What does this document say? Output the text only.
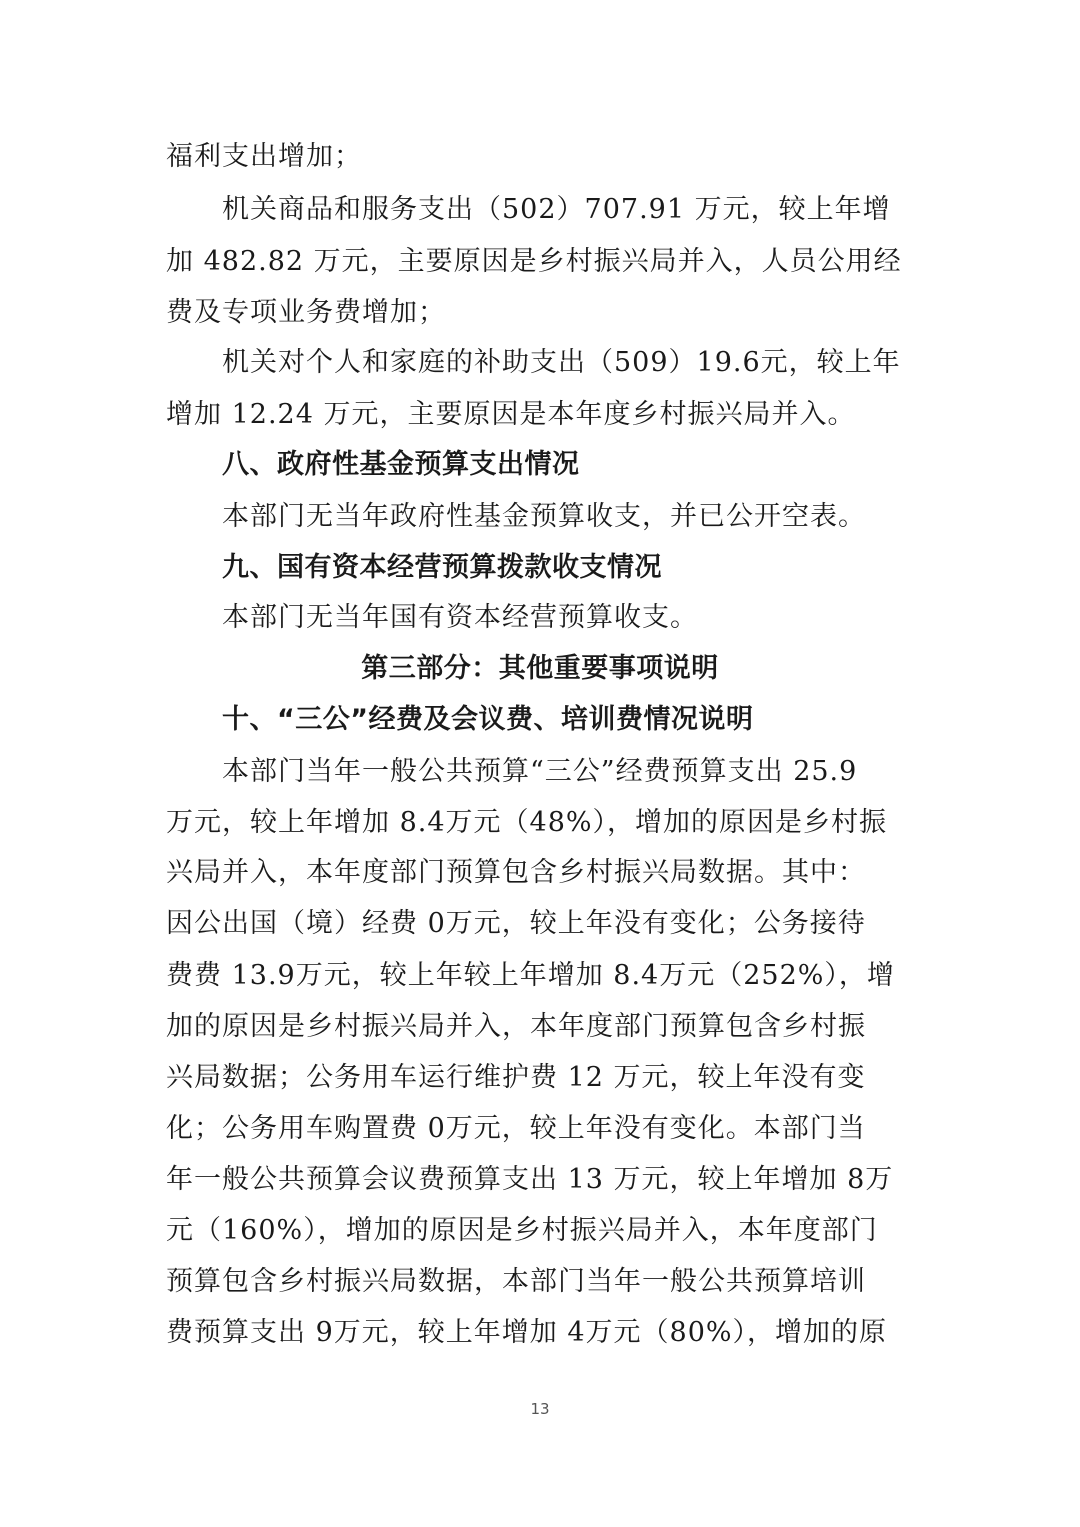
福利支出增加；
机关商品和服务支出（502）707.91 万元，较上年增
加 482.82 万元，主要原因是乡村振兴局并入，人员公用经
费及专项业务费增加；
机关对个人和家庭的补助支出（509）19.6元，较上年
增加 12.24 万元，主要原因是本年度乡村振兴局并入。
八、政府性基金预算支出情况
本部门无当年政府性基金预算收支，并已公开空表。
九、国有资本经营预算拨款收支情况
本部门无当年国有资本经营预算收支。
第三部分：其他重要事项说明
十、“三公”经费及会议费、培训费情况说明
本部门当年一般公共预算“三公”经费预算支出 25.9
万元，较上年增加 8.4万元（48%），增加的原因是乡村振
兴局并入，本年度部门预算包含乡村振兴局数据。其中：
因公出国（境）经费 0万元，较上年没有变化；公务接待
费费 13.9万元，较上年较上年增加 8.4万元（252%），增
加的原因是乡村振兴局并入，本年度部门预算包含乡村振
兴局数据；公务用车运行维护费 12 万元，较上年没有变
化；公务用车购置费 0万元，较上年没有变化。本部门当
年一般公共预算会议费预算支出 13 万元，较上年增加 8万
元（160%），增加的原因是乡村振兴局并入，本年度部门
预算包含乡村振兴局数据，本部门当年一般公共预算培训
费预算支出 9万元，较上年增加 4万元（80%），增加的原
13
